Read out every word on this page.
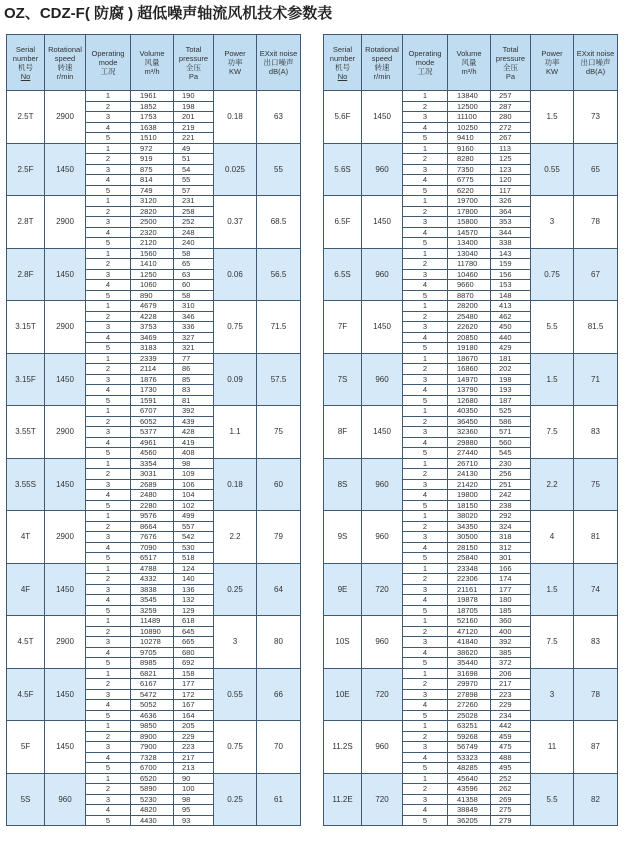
OZ、CDZ-F( 防腐 ) 超低噪声轴流风机技术参数表
Serial number
机号
No	Rotational speed
转速
r/min	Operating mode
工况	Volume
风量
m³/h	Total pressure
全压
Pa	Power
功率
KW	EXxit noise
出口噪声
dB(A)
2.5T	2900	1	1961	190	0.18	63
		2	1852	198		
		3	1753	201		
		4	1638	219		
		5	1510	221		
2.5F	1450	1	972	49	0.025	55
		2	919	51		
		3	875	54		
		4	814	55		
		5	749	57		
2.8T	2900	1	3120	231	0.37	68.5
		2	2820	258		
		3	2500	252		
		4	2320	248		
		5	2120	240		
2.8F	1450	1	1560	58	0.06	56.5
		2	1410	65		
		3	1250	63		
		4	1060	60		
		5	890	58		
3.15T	2900	1	4679	310	0.75	71.5
		2	4228	346		
		3	3753	336		
		4	3469	327		
		5	3183	321		
3.15F	1450	1	2339	77	0.09	57.5
		2	2114	86		
		3	1876	85		
		4	1730	83		
		5	1591	81		
3.55T	2900	1	6707	392	1.1	75
		2	6052	439		
		3	5377	428		
		4	4961	419		
		5	4560	408		
3.55S	1450	1	3354	98	0.18	60
		2	3031	109		
		3	2689	106		
		4	2480	104		
		5	2280	102		
4T	2900	1	9576	499	2.2	79
		2	8664	557		
		3	7676	542		
		4	7090	530		
		5	6517	518		
4F	1450	1	4788	124	0.25	64
		2	4332	140		
		3	3838	136		
		4	3545	132		
		5	3259	129		
4.5T	2900	1	11489	618	3	80
		2	10890	645		
		3	10278	665		
		4	9705	680		
		5	8985	692		
4.5F	1450	1	6821	158	0.55	66
		2	6167	177		
		3	5472	172		
		4	5052	167		
		5	4636	164		
5F	1450	1	9850	205	0.75	70
		2	8900	229		
		3	7900	223		
		4	7328	217		
		5	6700	213		
5S	960	1	6520	90	0.25	61
		2	5890	100		
		3	5230	98		
		4	4820	95		
		5	4430	93		
Serial number
机号
No	Rotational speed
转速
r/min	Operating mode
工况	Volume
风量
m³/h	Total pressure
全压
Pa	Power
功率
KW	EXxit noise
出口噪声
dB(A)
5.6F	1450	1	13840	257	1.5	73
		2	12500	287		
		3	11100	280		
		4	10250	272		
		5	9410	267		
5.6S	960	1	9160	113	0.55	65
		2	8280	125		
		3	7350	123		
		4	6775	120		
		5	6220	117		
6.5F	1450	1	19700	326	3	78
		2	17800	364		
		3	15800	353		
		4	14570	344		
		5	13400	338		
6.5S	960	1	13040	143	0.75	67
		2	11780	159		
		3	10460	156		
		4	9660	153		
		5	8870	148		
7F	1450	1	28200	413	5.5	81.5
		2	25480	462		
		3	22620	450		
		4	20850	440		
		5	19180	429		
7S	960	1	18670	181	1.5	71
		2	16860	202		
		3	14970	198		
		4	13790	193		
		5	12680	187		
8F	1450	1	40350	525	7.5	83
		2	36450	586		
		3	32360	571		
		4	29880	560		
		5	27440	545		
8S	960	1	26710	230	2.2	75
		2	24130	256		
		3	21420	251		
		4	19800	242		
		5	18150	238		
9S	960	1	38020	292	4	81
		2	34350	324		
		3	30500	318		
		4	28150	312		
		5	25840	301		
9E	720	1	23348	166	1.5	74
		2	22306	174		
		3	21161	177		
		4	19878	180		
		5	18705	185		
10S	960	1	52160	360	7.5	83
		2	47120	400		
		3	41840	392		
		4	38620	385		
		5	35440	372		
10E	720	1	31698	206	3	78
		2	29970	217		
		3	27898	223		
		4	27260	229		
		5	25028	234		
11.2S	960	1	63251	442	11	87
		2	59268	459		
		3	56749	475		
		4	53323	488		
		5	48285	495		
11.2E	720	1	45640	252	5.5	82
		2	43596	262		
		3	41358	269		
		4	38849	275		
		5	36205	279		
